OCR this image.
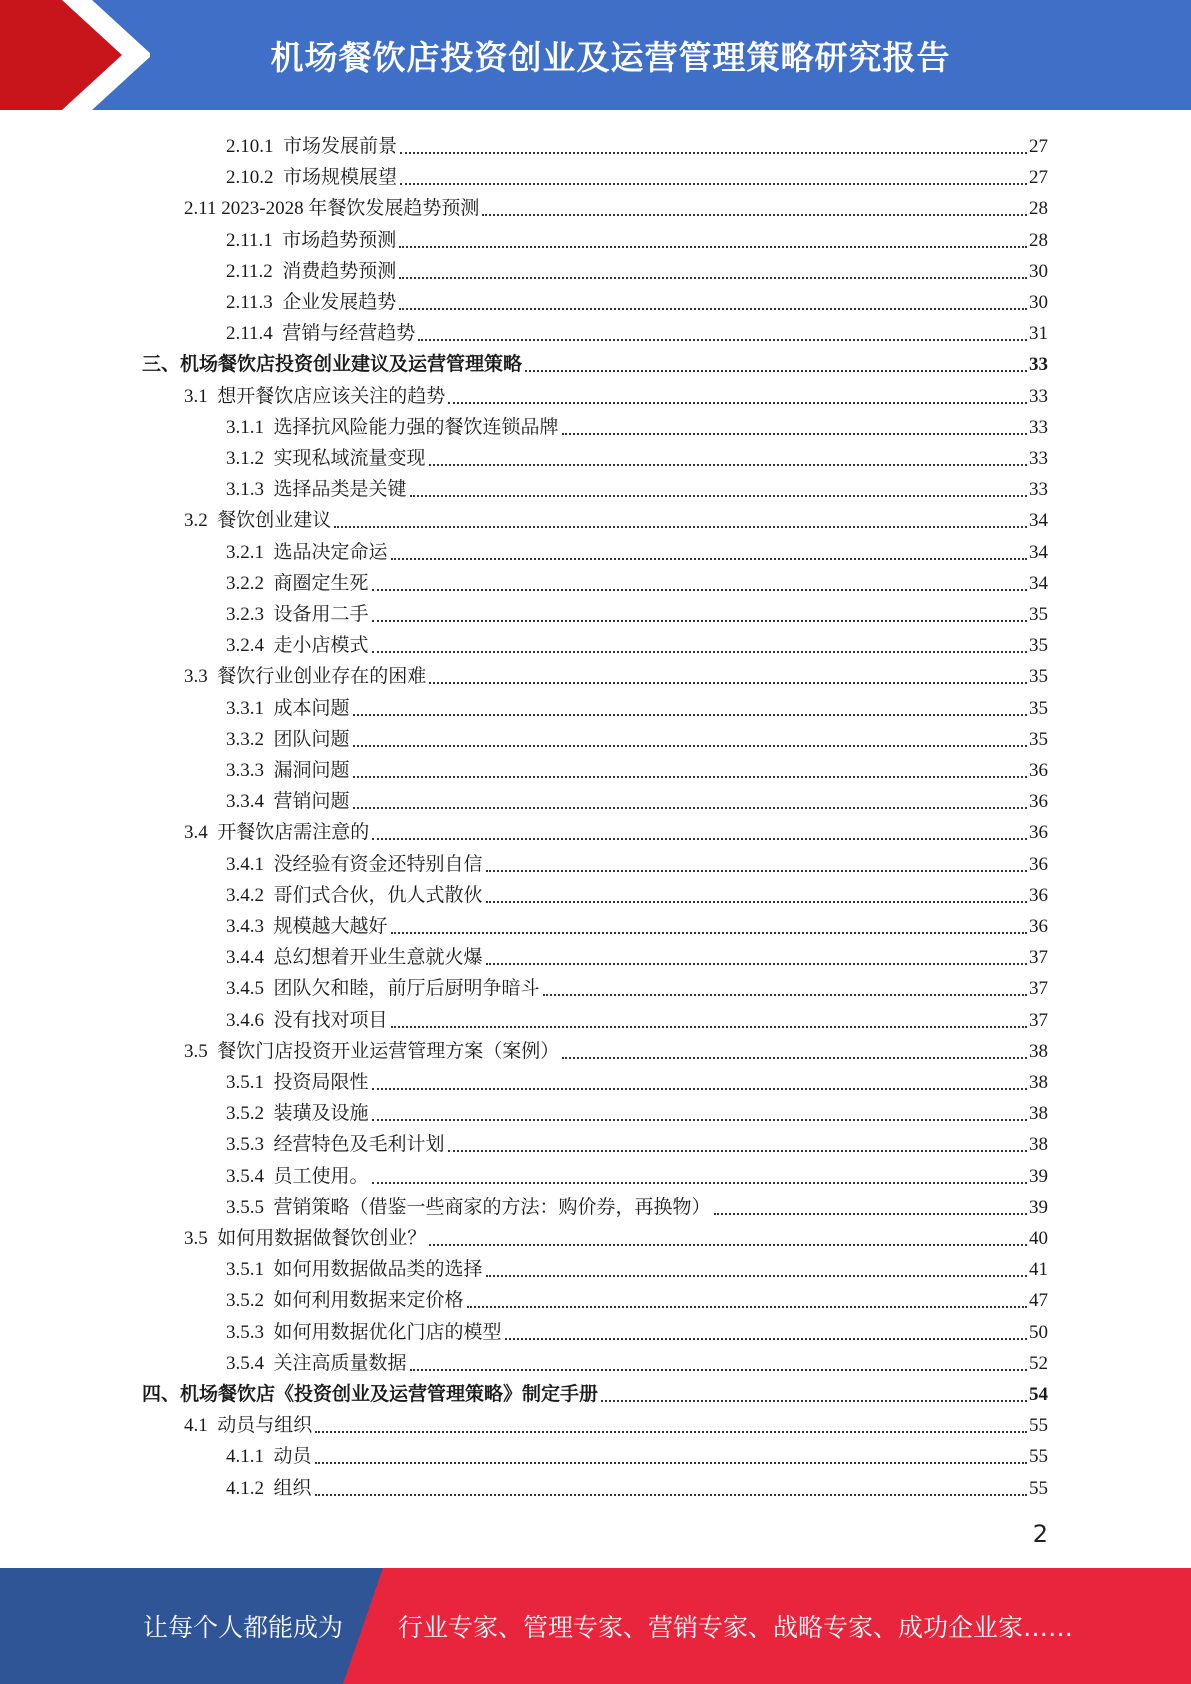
机场餐饮店投资创业及运营管理策略研究报告
2.10.1  市场发展前景	27
2.10.2  市场规模展望	27
2.11 2023-2028 年餐饮发展趋势预测	28
2.11.1  市场趋势预测	28
2.11.2  消费趋势预测	30
2.11.3  企业发展趋势	30
2.11.4  营销与经营趋势	31
三、机场餐饮店投资创业建议及运营管理策略	33
3.1  想开餐饮店应该关注的趋势	33
3.1.1  选择抗风险能力强的餐饮连锁品牌	33
3.1.2  实现私域流量变现	33
3.1.3  选择品类是关键	33
3.2  餐饮创业建议	34
3.2.1  选品决定命运	34
3.2.2  商圈定生死	34
3.2.3  设备用二手	35
3.2.4  走小店模式	35
3.3  餐饮行业创业存在的困难	35
3.3.1  成本问题	35
3.3.2  团队问题	35
3.3.3  漏洞问题	36
3.3.4  营销问题	36
3.4  开餐饮店需注意的	36
3.4.1  没经验有资金还特别自信	36
3.4.2  哥们式合伙，仇人式散伙	36
3.4.3  规模越大越好	36
3.4.4  总幻想着开业生意就火爆	37
3.4.5  团队欠和睦，前厅后厨明争暗斗	37
3.4.6  没有找对项目	37
3.5  餐饮门店投资开业运营管理方案（案例）	38
3.5.1  投资局限性	38
3.5.2  装璜及设施	38
3.5.3  经营特色及毛利计划	38
3.5.4  员工使用。	39
3.5.5  营销策略（借鉴一些商家的方法：购价券，再换物）	39
3.5  如何用数据做餐饮创业？	40
3.5.1  如何用数据做品类的选择	41
3.5.2  如何利用数据来定价格	47
3.5.3  如何用数据优化门店的模型	50
3.5.4  关注高质量数据	52
四、机场餐饮店《投资创业及运营管理策略》制定手册	54
4.1  动员与组织	55
4.1.1  动员	55
4.1.2  组织	55
2
让每个人都能成为 行业专家、管理专家、营销专家、战略专家、成功企业家……
